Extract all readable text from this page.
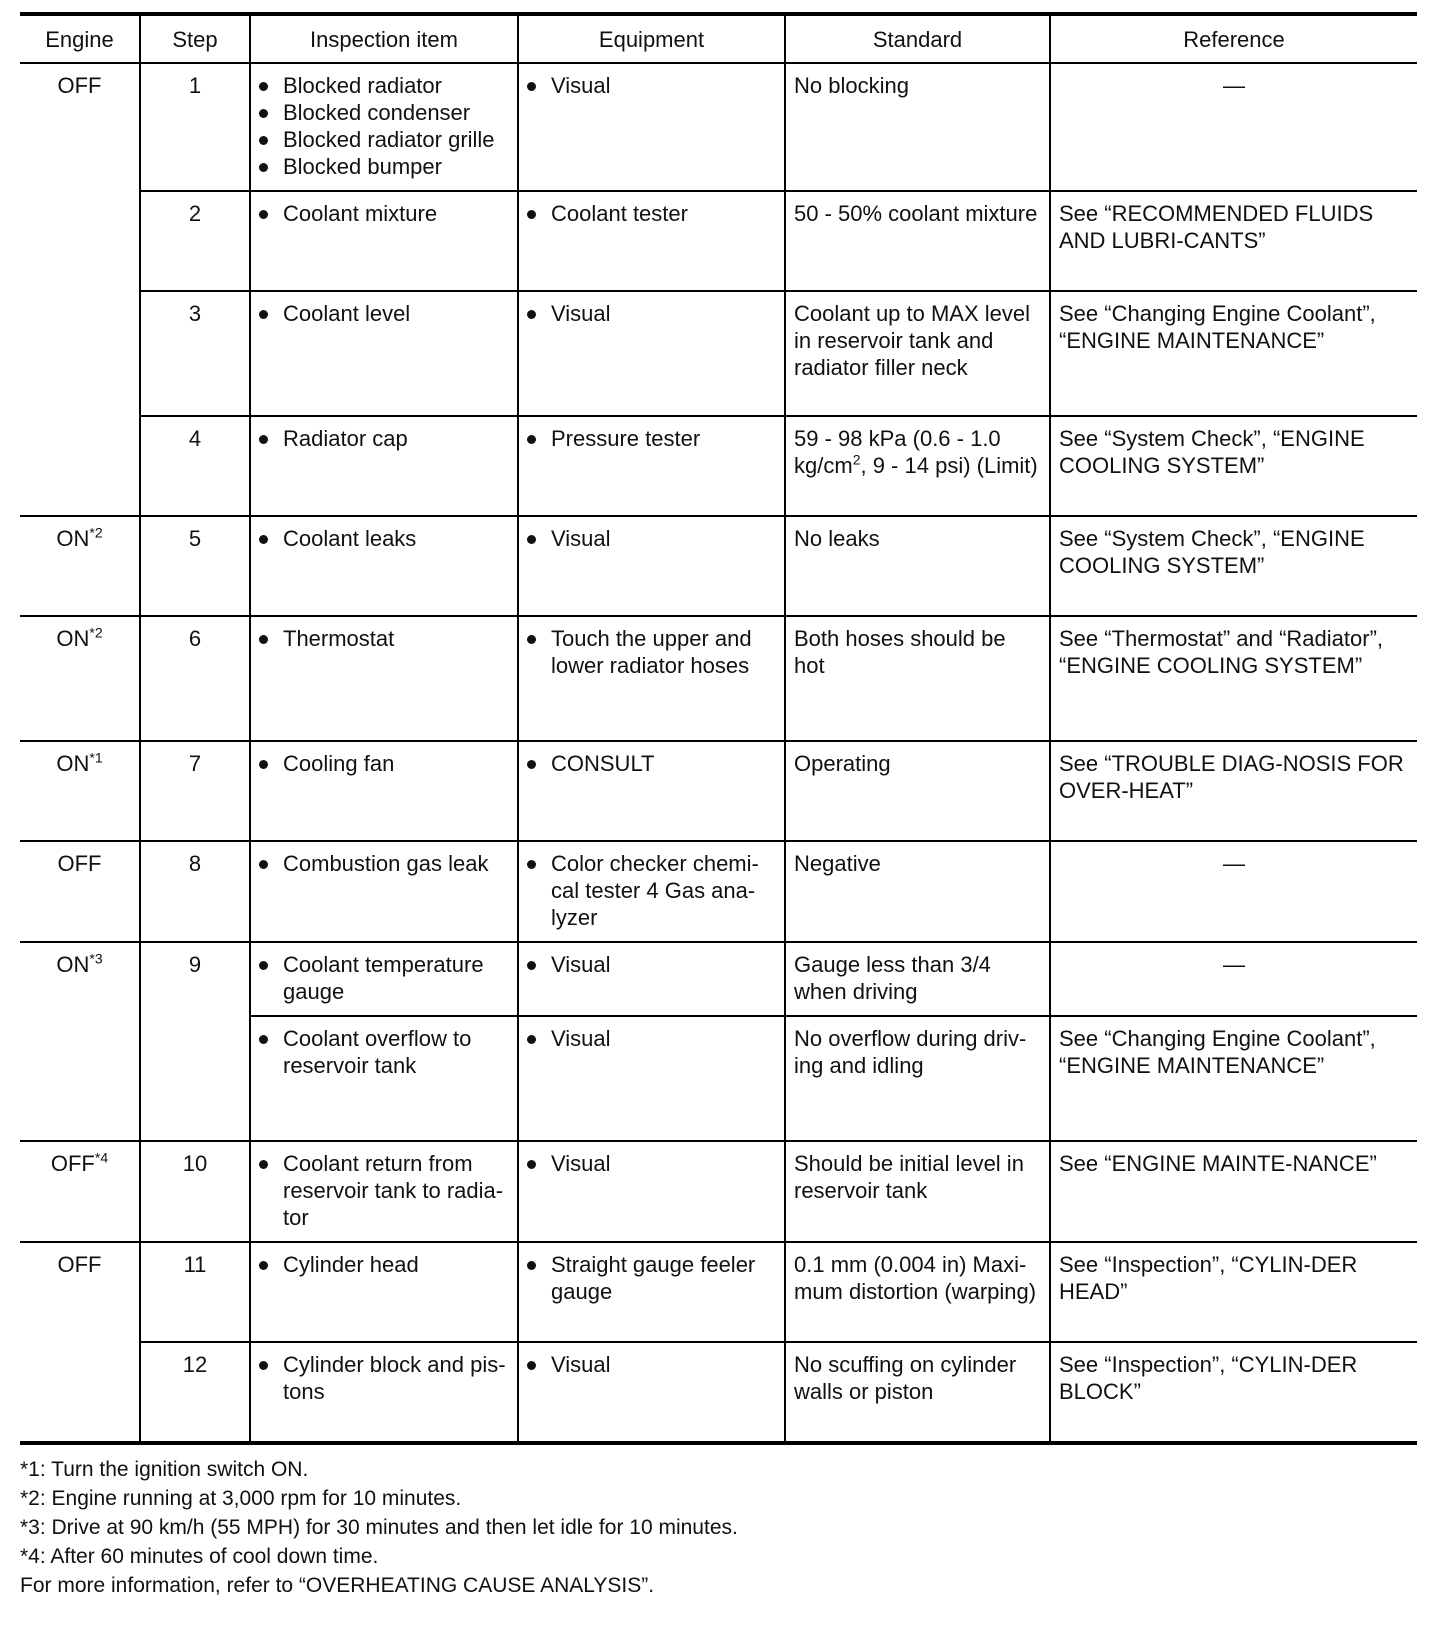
Engine	Step	Inspection item	Equipment	Standard	Reference
OFF	1	Blocked radiator
Blocked condenser
Blocked radiator grille
Blocked bumper	Visual	No blocking	—
	2	Coolant mixture	Coolant tester	50 - 50% coolant mixture	See “RECOMMENDED FLUIDS AND LUBRI-CANTS”
	3	Coolant level	Visual	Coolant up to MAX level in reservoir tank and radiator filler neck	See “Changing Engine Coolant”, “ENGINE MAINTENANCE”
	4	Radiator cap	Pressure tester	59 - 98 kPa (0.6 - 1.0 $kg/cm^2$, 9 - 14 psi) (Limit)	See “System Check”, “ENGINE COOLING SYSTEM”
ON$^{*2}$	5	Coolant leaks	Visual	No leaks	See “System Check”, “ENGINE COOLING SYSTEM”
ON$^{*2}$	6	Thermostat	Touch the upper and lower radiator hoses	Both hoses should be hot	See “Thermostat” and “Radiator”, “ENGINE COOLING SYSTEM”
ON$^{*1}$	7	Cooling fan	CONSULT	Operating	See “TROUBLE DIAG-NOSIS FOR OVER-HEAT”
OFF	8	Combustion gas leak	Color checker chemi-cal tester 4 Gas ana-lyzer	Negative	—
ON$^{*3}$	9	Coolant temperature gauge	Visual	Gauge less than 3/4 when driving	—

		Coolant overflow to reservoir tank	Visual	No overflow during driv-ing and idling	See “Changing Engine Coolant”, “ENGINE MAINTENANCE”
OFF$^{*4}$	10	Coolant return from reservoir tank to radia-tor	Visual	Should be initial level in reservoir tank	See “ENGINE MAINTE-NANCE”
OFF	11	Cylinder head	Straight gauge feeler gauge	0.1 mm (0.004 in) Maxi-mum distortion (warping)	See “Inspection”, “CYLIN-DER HEAD”
	12	Cylinder block and pis-tons	Visual	No scuffing on cylinder walls or piston	See “Inspection”, “CYLIN-DER BLOCK”
*1: Turn the ignition switch ON.
*2: Engine running at 3,000 rpm for 10 minutes.
*3: Drive at 90 km/h (55 MPH) for 30 minutes and then let idle for 10 minutes.
*4: After 60 minutes of cool down time.
For more information, refer to “OVERHEATING CAUSE ANALYSIS”.
